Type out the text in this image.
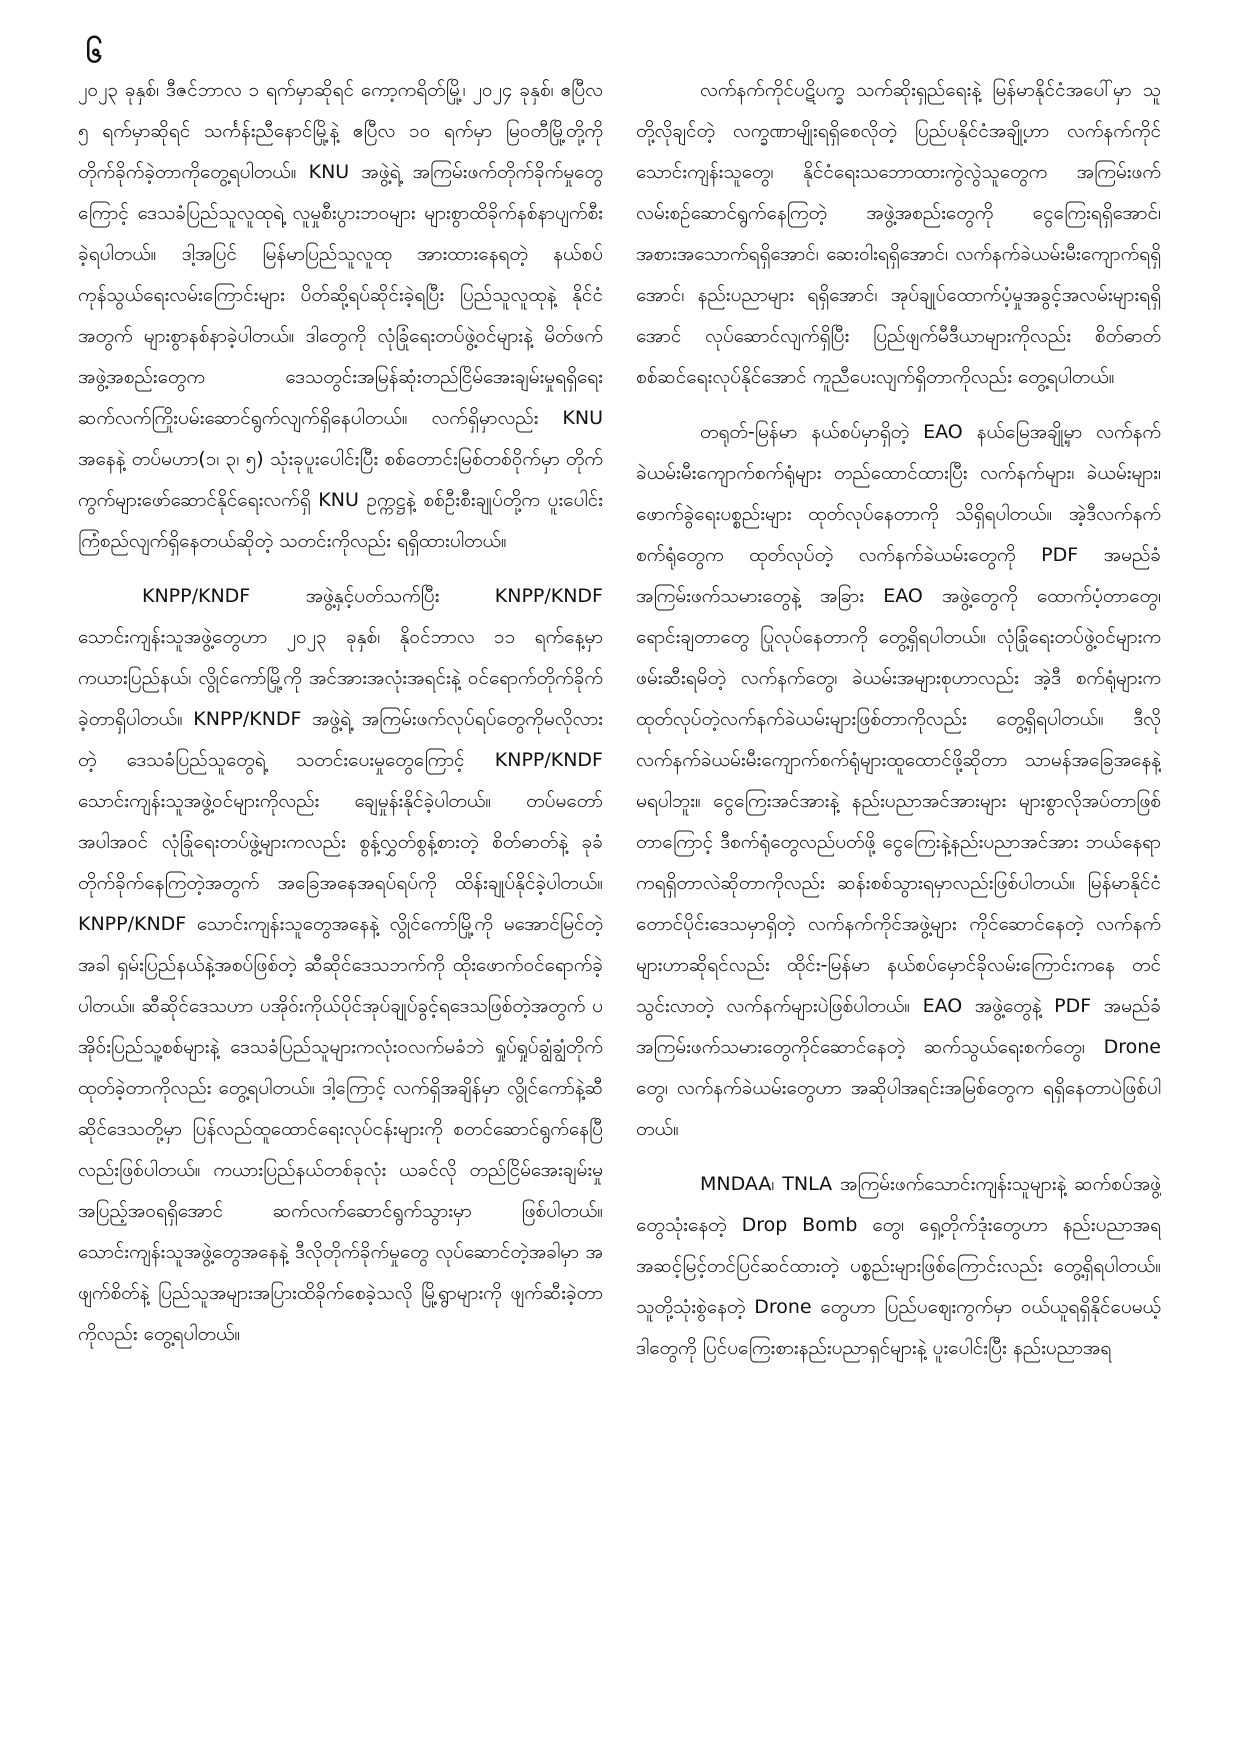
၆

၂၀၂၃ ခုနှစ်၊ ဒီဇင်ဘာလ ၁ ရက်မှာဆိုရင် ကော့ကရိတ်မြို့၊ ၂၀၂၄ ခုနှစ်၊ ဧပြီလ ၅ ရက်မှာဆိုရင် သင်္ကန်းညီနောင်မြို့နဲ့ ဧပြီလ ၁၀ ရက်မှာ မြဝတီမြို့တို့ကို တိုက်ခိုက်ခဲ့တာကိုတွေ့ရပါတယ်။ KNU အဖွဲ့ရဲ့ အကြမ်းဖက်တိုက်ခိုက်မှုတွေကြောင့် ဒေသခံပြည်သူလူထုရဲ့ လူမှုစီးပွားဘဝများ များစွာထိခိုက်နစ်နာပျက်စီးခဲ့ရပါတယ်။ ဒါ့အပြင် မြန်မာပြည်သူလူထု အားထားနေရတဲ့ နယ်စပ်ကုန်သွယ်ရေးလမ်းကြောင်းများ ပိတ်ဆို့ရပ်ဆိုင်းခဲ့ရပြီး ပြည်သူလူထုနဲ့ နိုင်ငံအတွက် များစွာနစ်နာခဲ့ပါတယ်။ ဒါတွေကို လုံခြုံရေးတပ်ဖွဲ့ဝင်များနဲ့ မိတ်ဖက်အဖွဲ့အစည်းတွေက ဒေသတွင်းအမြန်ဆုံးတည်ငြိမ်အေးချမ်းမှုရရှိရေး ဆက်လက်ကြိုးပမ်းဆောင်ရွက်လျက်ရှိနေပါတယ်။ လက်ရှိမှာလည်း KNU အနေနဲ့ တပ်မဟာ(၁၊ ၃၊ ၅) သုံးခုပူးပေါင်းပြီး စစ်တောင်းမြစ်တစ်ဝိုက်မှာ တိုက်ကွက်များဖော်ဆောင်နိုင်ရေးလက်ရှိ KNU ဥက္ကဋ္ဌနဲ့ စစ်ဦးစီးချုပ်တို့က ပူးပေါင်းကြံစည်လျက်ရှိနေတယ်ဆိုတဲ့ သတင်းကိုလည်း ရရှိထားပါတယ်။

KNPP/KNDF အဖွဲ့နှင့်ပတ်သက်ပြီး KNPP/KNDF သောင်းကျန်းသူအဖွဲ့တွေဟာ ၂၀၂၃ ခုနှစ်၊ နိုဝင်ဘာလ ၁၁ ရက်နေ့မှာ ကယားပြည်နယ်၊ လွိုင်ကော်မြို့ကို အင်အားအလုံးအရင်းနဲ့ ဝင်ရောက်တိုက်ခိုက်ခဲ့တာရှိပါတယ်။ KNPP/KNDF အဖွဲ့ရဲ့ အကြမ်းဖက်လုပ်ရပ်တွေကိုမလိုလားတဲ့ ဒေသခံပြည်သူတွေရဲ့ သတင်းပေးမှုတွေကြောင့် KNPP/KNDF သောင်းကျန်းသူအဖွဲ့ဝင်များကိုလည်း ချေမှုန်းနိုင်ခဲ့ပါတယ်။ တပ်မတော်အပါအဝင် လုံခြုံရေးတပ်ဖွဲ့များကလည်း စွန့်လွှတ်စွန့်စားတဲ့ စိတ်ဓာတ်နဲ့ ခုခံတိုက်ခိုက်နေကြတဲ့အတွက် အခြေအနေအရပ်ရပ်ကို ထိန်းချုပ်နိုင်ခဲ့ပါတယ်။ KNPP/KNDF သောင်းကျန်းသူတွေအနေနဲ့ လွိုင်ကော်မြို့ကို မအောင်မြင်တဲ့အခါ ရှမ်းပြည်နယ်နဲ့အစပ်ဖြစ်တဲ့ ဆီဆိုင်ဒေသဘက်ကို ထိုးဖောက်ဝင်ရောက်ခဲ့ပါတယ်။ ဆီဆိုင်ဒေသဟာ ပအိုဝ်းကိုယ်ပိုင်အုပ်ချုပ်ခွင့်ရဒေသဖြစ်တဲ့အတွက် ပအိုဝ်းပြည်သူ့စစ်များနဲ့ ဒေသခံပြည်သူများကလုံးဝလက်မခံဘဲ ရှုပ်ရှုပ်ချွံချွံတိုက်ထုတ်ခဲ့တာကိုလည်း တွေ့ရပါတယ်။ ဒါ့ကြောင့် လက်ရှိအချိန်မှာ လွိုင်ကော်နဲ့ဆီဆိုင်ဒေသတို့မှာ ပြန်လည်ထူထောင်ရေးလုပ်ငန်းများကို စတင်ဆောင်ရွက်နေပြီလည်းဖြစ်ပါတယ်။ ကယားပြည်နယ်တစ်ခုလုံး ယခင်လို တည်ငြိမ်အေးချမ်းမှုအပြည့်အဝရရှိအောင် ဆက်လက်ဆောင်ရွက်သွားမှာ ဖြစ်ပါတယ်။ သောင်းကျန်းသူအဖွဲ့တွေအနေနဲ့ ဒီလိုတိုက်ခိုက်မှုတွေ လုပ်ဆောင်တဲ့အခါမှာ အဖျက်စိတ်နဲ့ ပြည်သူအများအပြားထိခိုက်စေခဲ့သလို မြို့ရွာများကို ဖျက်ဆီးခဲ့တာကိုလည်း တွေ့ရပါတယ်။

လက်နက်ကိုင်ပဋိပက္ခ သက်ဆိုးရှည်ရေးနဲ့ မြန်မာနိုင်ငံအပေါ်မှာ သူတို့လိုချင်တဲ့ လက္ခဏာမျိုးရရှိစေလိုတဲ့ ပြည်ပနိုင်ငံအချို့ဟာ လက်နက်ကိုင်သောင်းကျန်းသူတွေ၊ နိုင်ငံရေးသဘောထားကွဲလွဲသူတွေက အကြမ်းဖက်လမ်းစဉ်ဆောင်ရွက်နေကြတဲ့ အဖွဲ့အစည်းတွေကို ငွေကြေးရရှိအောင်၊ အစားအသောက်ရရှိအောင်၊ ဆေးဝါးရရှိအောင်၊ လက်နက်ခဲယမ်းမီးကျောက်ရရှိအောင်၊ နည်းပညာများ ရရှိအောင်၊ အုပ်ချုပ်ထောက်ပံ့မှုအခွင့်အလမ်းများရရှိအောင် လုပ်ဆောင်လျက်ရှိပြီး ပြည်ဖျက်မီဒီယာများကိုလည်း စိတ်ဓာတ်စစ်ဆင်ရေးလုပ်နိုင်အောင် ကူညီပေးလျက်ရှိတာကိုလည်း တွေ့ရပါတယ်။

တရုတ်-မြန်မာ နယ်စပ်မှာရှိတဲ့ EAO နယ်မြေအချို့မှာ လက်နက်ခဲယမ်းမီးကျောက်စက်ရုံများ တည်ထောင်ထားပြီး လက်နက်များ၊ ခဲယမ်းများ၊ ဖောက်ခွဲရေးပစ္စည်းများ ထုတ်လုပ်နေတာကို သိရှိရပါတယ်။ အဲ့ဒီလက်နက်စက်ရုံတွေက ထုတ်လုပ်တဲ့ လက်နက်ခဲယမ်းတွေကို PDF အမည်ခံအကြမ်းဖက်သမားတွေနဲ့ အခြား EAO အဖွဲ့တွေကို ထောက်ပံ့တာတွေ၊ ရောင်းချတာတွေ ပြုလုပ်နေတာကို တွေ့ရှိရပါတယ်။ လုံခြုံရေးတပ်ဖွဲ့ဝင်များက ဖမ်းဆီးရမိတဲ့ လက်နက်တွေ၊ ခဲယမ်းအများစုဟာလည်း အဲ့ဒီ စက်ရုံများက ထုတ်လုပ်တဲ့လက်နက်ခဲယမ်းများဖြစ်တာကိုလည်း တွေ့ရှိရပါတယ်။ ဒီလိုလက်နက်ခဲယမ်းမီးကျောက်စက်ရုံများထူထောင်ဖို့ဆိုတာ သာမန်အခြေအနေနဲ့ မရပါဘူး။ ငွေကြေးအင်အားနဲ့ နည်းပညာအင်အားများ များစွာလိုအပ်တာဖြစ်တာကြောင့် ဒီစက်ရုံတွေလည်ပတ်ဖို့ ငွေကြေးနဲ့နည်းပညာအင်အား ဘယ်နေရာကရရှိတာလဲဆိုတာကိုလည်း ဆန်းစစ်သွားရမှာလည်းဖြစ်ပါတယ်။ မြန်မာနိုင်ငံတောင်ပိုင်းဒေသမှာရှိတဲ့ လက်နက်ကိုင်အဖွဲ့များ ကိုင်ဆောင်နေတဲ့ လက်နက်များဟာဆိုရင်လည်း ထိုင်း-မြန်မာ နယ်စပ်မှောင်ခိုလမ်းကြောင်းကနေ တင်သွင်းလာတဲ့ လက်နက်များပဲဖြစ်ပါတယ်။ EAO အဖွဲ့တွေနဲ့ PDF အမည်ခံ အကြမ်းဖက်သမားတွေကိုင်ဆောင်နေတဲ့ ဆက်သွယ်ရေးစက်တွေ၊ Drone တွေ၊ လက်နက်ခဲယမ်းတွေဟာ အဆိုပါအရင်းအမြစ်တွေက ရရှိနေတာပဲဖြစ်ပါတယ်။

MNDAA၊ TNLA အကြမ်းဖက်သောင်းကျန်းသူများနဲ့ ဆက်စပ်အဖွဲ့တွေသုံးနေတဲ့ Drop Bomb တွေ၊ ရှေ့တိုက်ဒုံးတွေဟာ နည်းပညာအရ အဆင့်မြင့်တင်ပြင်ဆင်ထားတဲ့ ပစ္စည်းများဖြစ်ကြောင်းလည်း တွေ့ရှိရပါတယ်။ သူတို့သုံးစွဲနေတဲ့ Drone တွေဟာ ပြည်ပဈေးကွက်မှာ ဝယ်ယူရရှိနိုင်ပေမယ့် ဒါတွေကို ပြင်ပကြေးစားနည်းပညာရှင်များနဲ့ ပူးပေါင်းပြီး နည်းပညာအရ
